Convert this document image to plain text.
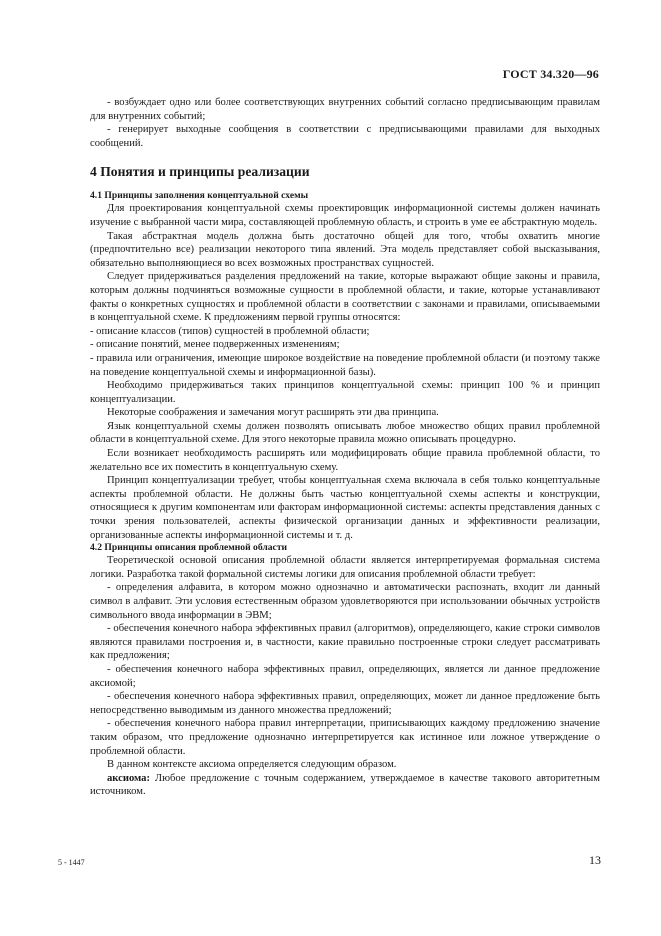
ГОСТ 34.320—96

- возбуждает одно или более соответствующих внутренних событий согласно предписывающим правилам для внутренних событий;

- генерирует выходные сообщения в соответствии с предписывающими правилами для выходных сообщений.

4 Понятия и принципы реализации

4.1 Принципы заполнения концептуальной схемы

Для проектирования концептуальной схемы проектировщик информационной системы должен начинать изучение с выбранной части мира, составляющей проблемную область, и строить в уме ее абстрактную модель.

Такая абстрактная модель должна быть достаточно общей для того, чтобы охватить многие (предпочтительно все) реализации некоторого типа явлений. Эта модель представляет собой высказывания, обязательно выполняющиеся во всех возможных пространствах сущностей.

Следует придерживаться разделения предложений на такие, которые выражают общие законы и правила, которым должны подчиняться возможные сущности в проблемной области, и такие, которые устанавливают факты о конкретных сущностях и проблемной области в соответствии с законами и правилами, описываемыми в концептуальной схеме. К предложениям первой группы относятся:

- описание классов (типов) сущностей в проблемной области;

- описание понятий, менее подверженных изменениям;

- правила или ограничения, имеющие широкое воздействие на поведение проблемной области (и поэтому также на поведение концептуальной схемы и информационной базы).

Необходимо придерживаться таких принципов концептуальной схемы: принцип 100 % и принцип концептуализации.

Некоторые соображения и замечания могут расширять эти два принципа.

Язык концептуальной схемы должен позволять описывать любое множество общих правил проблемной области в концептуальной схеме. Для этого некоторые правила можно описывать процедурно.

Если возникает необходимость расширять или модифицировать общие правила проблемной области, то желательно все их поместить в концептуальную схему.

Принцип концептуализации требует, чтобы концептуальная схема включала в себя только концептуальные аспекты проблемной области. Не должны быть частью концептуальной схемы аспекты и конструкции, относящиеся к другим компонентам или факторам информационной системы: аспекты представления данных с точки зрения пользователей, аспекты физической организации данных и эффективности реализации, организованные аспекты информационной системы и т. д.

4.2 Принципы описания проблемной области

Теоретической основой описания проблемной области является интерпретируемая формальная система логики. Разработка такой формальной системы логики для описания проблемной области требует:

- определения алфавита, в котором можно однозначно и автоматически распознать, входит ли данный символ в алфавит. Эти условия естественным образом удовлетворяются при использовании обычных устройств символьного ввода информации в ЭВМ;

- обеспечения конечного набора эффективных правил (алгоритмов), определяющего, какие строки символов являются правилами построения и, в частности, какие правильно построенные строки следует рассматривать как предложения;

- обеспечения конечного набора эффективных правил, определяющих, является ли данное предложение аксиомой;

- обеспечения конечного набора эффективных правил, определяющих, может ли данное предложение быть непосредственно выводимым из данного множества предложений;

- обеспечения конечного набора правил интерпретации, приписывающих каждому предложению значение таким образом, что предложение однозначно интерпретируется как истинное или ложное утверждение о проблемной области.

В данном контексте аксиома определяется следующим образом.

аксиома: Любое предложение с точным содержанием, утверждаемое в качестве такового авторитетным источником.

5 - 1447	13
